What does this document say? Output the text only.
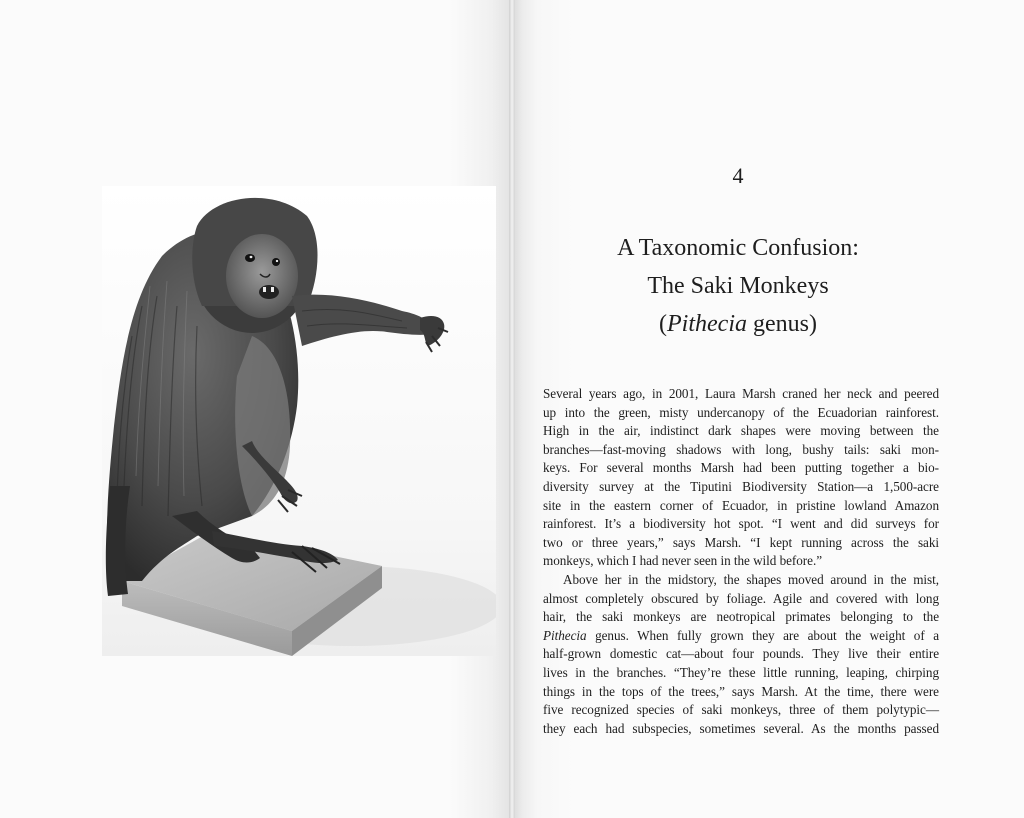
4
A Taxonomic Confusion:
The Saki Monkeys
(Pithecia genus)
Several years ago, in 2001, Laura Marsh craned her neck and peered
up into the green, misty undercanopy of the Ecuadorian rainforest.
High in the air, indistinct dark shapes were moving between the
branches—fast-moving shadows with long, bushy tails: saki mon-
keys. For several months Marsh had been putting together a bio-
diversity survey at the Tiputini Biodiversity Station—a 1,500-acre
site in the eastern corner of Ecuador, in pristine lowland Amazon
rainforest. It’s a biodiversity hot spot. “I went and did surveys for
two or three years,” says Marsh. “I kept running across the saki
monkeys, which I had never seen in the wild before.”
Above her in the midstory, the shapes moved around in the mist,
almost completely obscured by foliage. Agile and covered with long
hair, the saki monkeys are neotropical primates belonging to the
Pithecia genus. When fully grown they are about the weight of a
half-grown domestic cat—about four pounds. They live their entire
lives in the branches. “They’re these little running, leaping, chirping
things in the tops of the trees,” says Marsh. At the time, there were
five recognized species of saki monkeys, three of them polytypic—
they each had subspecies, sometimes several. As the months passed
